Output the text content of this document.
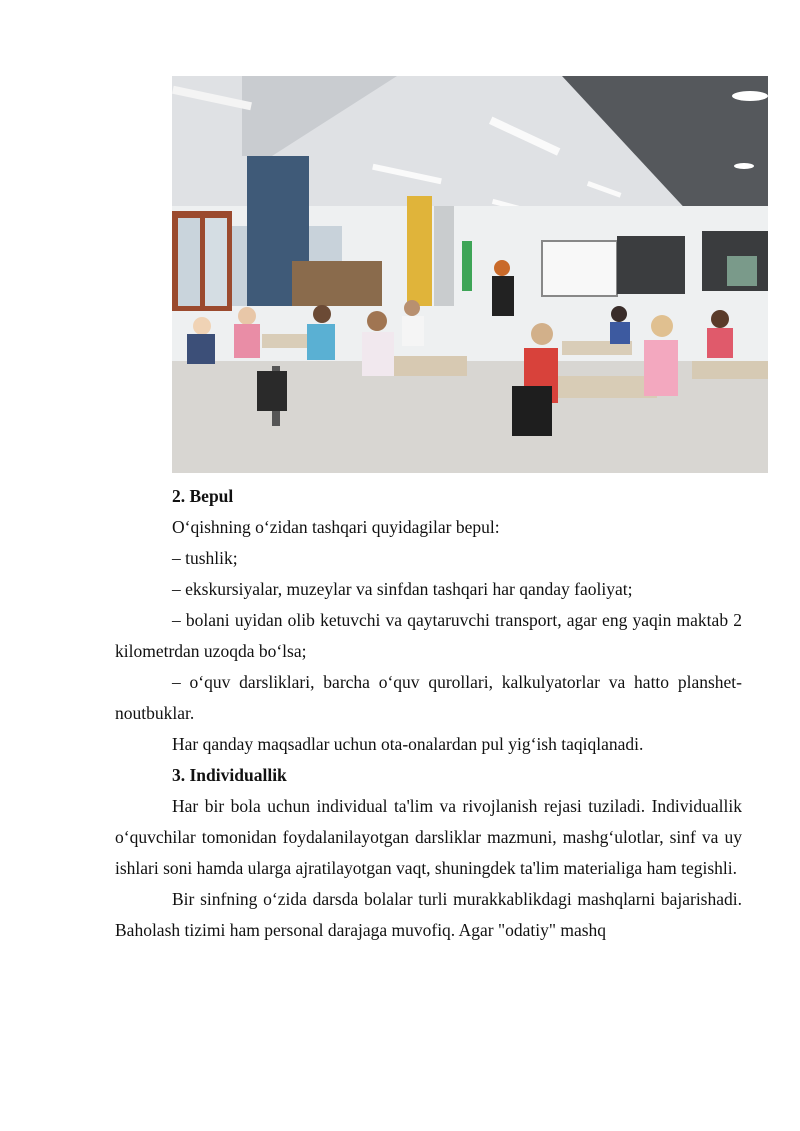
2. Bepul

O‘qishning o‘zidan tashqari quyidagilar bepul:

– tushlik;

– ekskursiyalar, muzeylar va sinfdan tashqari har qanday faoliyat;

– bolani uyidan olib ketuvchi va qaytaruvchi transport, agar eng yaqin maktab 2 kilometrdan uzoqda bo‘lsa;

– o‘quv darsliklari, barcha o‘quv qurollari, kalkulyatorlar va hatto planshet-noutbuklar.

Har qanday maqsadlar uchun ota-onalardan pul yig‘ish taqiqlanadi.

3. Individuallik

Har bir bola uchun individual ta'lim va rivojlanish rejasi tuziladi. Individuallik o‘quvchilar tomonidan foydalanilayotgan darsliklar mazmuni, mashg‘ulotlar, sinf va uy ishlari soni hamda ularga ajratilayotgan vaqt, shuningdek ta'lim materialiga ham tegishli.

Bir sinfning o‘zida darsda bolalar turli murakkablikdagi mashqlarni bajarishadi. Baholash tizimi ham personal darajaga muvofiq. Agar "odatiy" mashq
